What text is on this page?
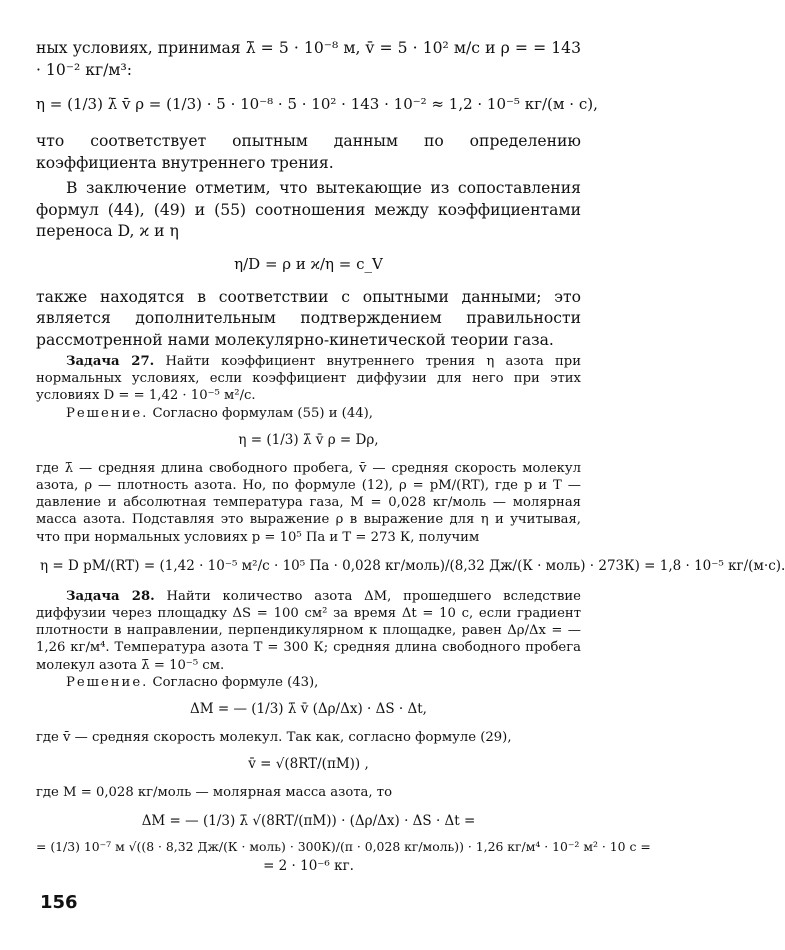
ных условиях, принимая λ̄ = 5 · 10⁻⁸ м, v̄ = 5 · 10² м/с и ρ = = 143 · 10⁻² кг/м³:

η = (1/3) λ̄ v̄ ρ = (1/3) · 5 · 10⁻⁸ · 5 · 10² · 143 · 10⁻² ≈ 1,2 · 10⁻⁵ кг/(м · с),

что соответствует опытным данным по определению коэффициента внутреннего трения.

В заключение отметим, что вытекающие из сопоставления формул (44), (49) и (55) соотношения между коэффициентами переноса D, ϰ и η

η/D = ρ и ϰ/η = c_V

также находятся в соответствии с опытными данными; это является дополнительным подтверждением правильности рассмотренной нами молекулярно-кинетической теории газа.

Задача 27. Найти коэффициент внутреннего трения η азота при нормальных условиях, если коэффициент диффузии для него при этих условиях D = = 1,42 · 10⁻⁵ м²/с.

Решение. Согласно формулам (55) и (44),

η = (1/3) λ̄ v̄ ρ = Dρ,

где λ̄ — средняя длина свободного пробега, v̄ — средняя скорость молекул азота, ρ — плотность азота. Но, по формуле (12), ρ = pM/(RT), где p и T — давление и абсолютная температура газа, M = 0,028 кг/моль — молярная масса азота. Подставляя это выражение ρ в выражение для η и учитывая, что при нормальных условиях p = 10⁵ Па и T = 273 К, получим

η = D pM/(RT) = (1,42 · 10⁻⁵ м²/с · 10⁵ Па · 0,028 кг/моль)/(8,32 Дж/(К · моль) · 273К) = 1,8 · 10⁻⁵ кг/(м·с).

Задача 28. Найти количество азота ΔM, прошедшего вследствие диффузии через площадку ΔS = 100 см² за время Δt = 10 с, если градиент плотности в направлении, перпендикулярном к площадке, равен Δρ/Δx = — 1,26 кг/м⁴. Температура азота T = 300 К; средняя длина свободного пробега молекул азота λ̄ = 10⁻⁵ см.

Решение. Согласно формуле (43),

ΔM = — (1/3) λ̄ v̄ (Δρ/Δx) · ΔS · Δt,

где v̄ — средняя скорость молекул. Так как, согласно формуле (29),

v̄ = √(8RT/(πM)) ,

где M = 0,028 кг/моль — молярная масса азота, то

ΔM = — (1/3) λ̄ √(8RT/(πM)) · (Δρ/Δx) · ΔS · Δt =

= (1/3) 10⁻⁷ м √((8 · 8,32 Дж/(К · моль) · 300К)/(π · 0,028 кг/моль)) · 1,26 кг/м⁴ · 10⁻² м² · 10 с =

= 2 · 10⁻⁶ кг.

156
